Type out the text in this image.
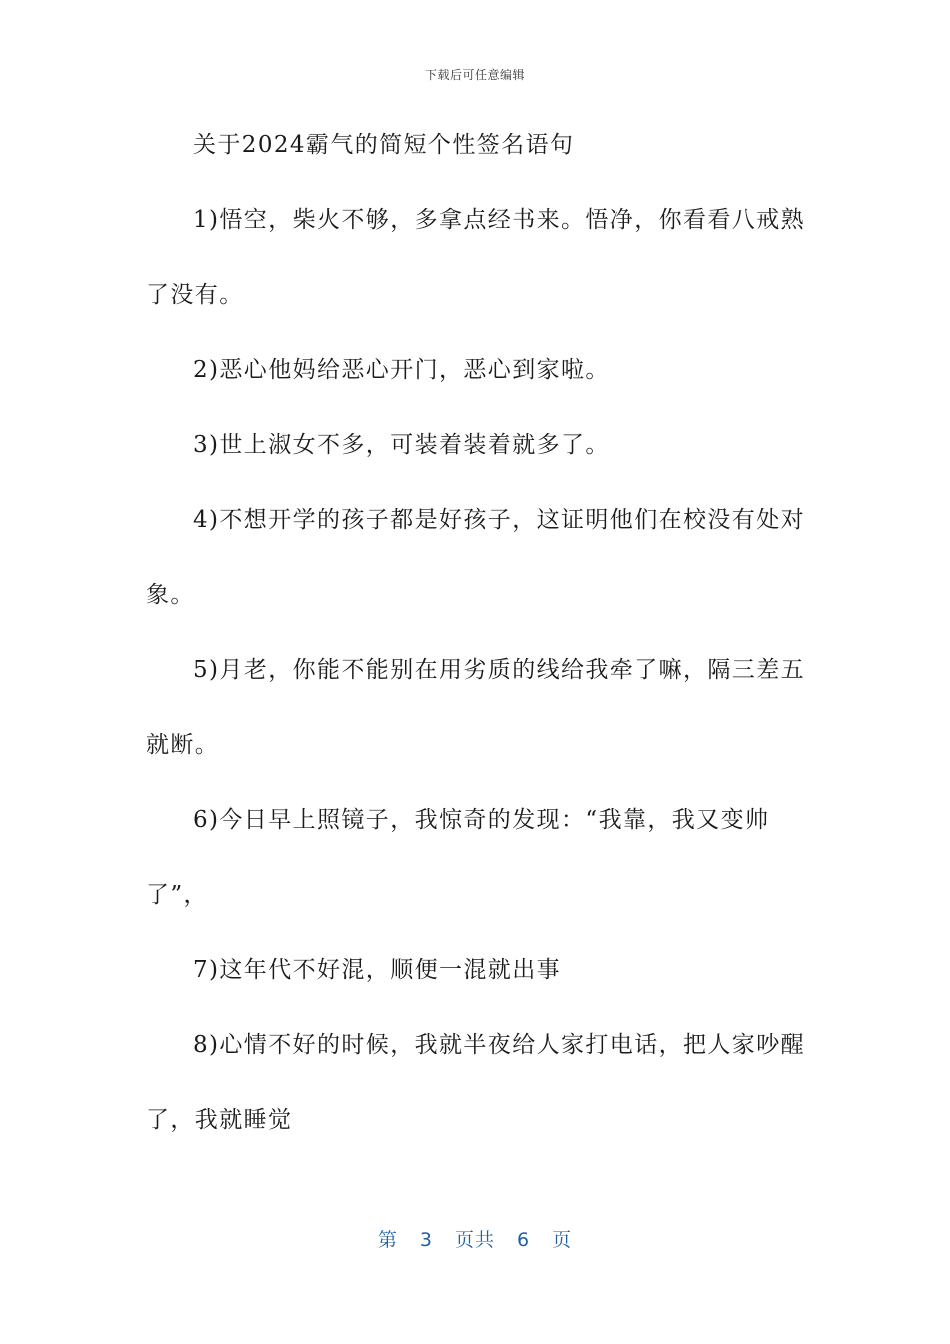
下载后可任意编辑
关于2024霸气的简短个性签名语句
1)悟空，柴火不够，多拿点经书来。悟净，你看看八戒熟
了没有。
2)恶心他妈给恶心开门，恶心到家啦。
3)世上淑女不多，可装着装着就多了。
4)不想开学的孩子都是好孩子，这证明他们在校没有处对
象。
5)月老，你能不能别在用劣质的线给我牵了嘛，隔三差五
就断。
6)今日早上照镜子，我惊奇的发现：“我靠，我又变帅
了”，
7)这年代不好混，顺便一混就出事
8)心情不好的时候，我就半夜给人家打电话，把人家吵醒
了，我就睡觉
第 3 页共 6 页
